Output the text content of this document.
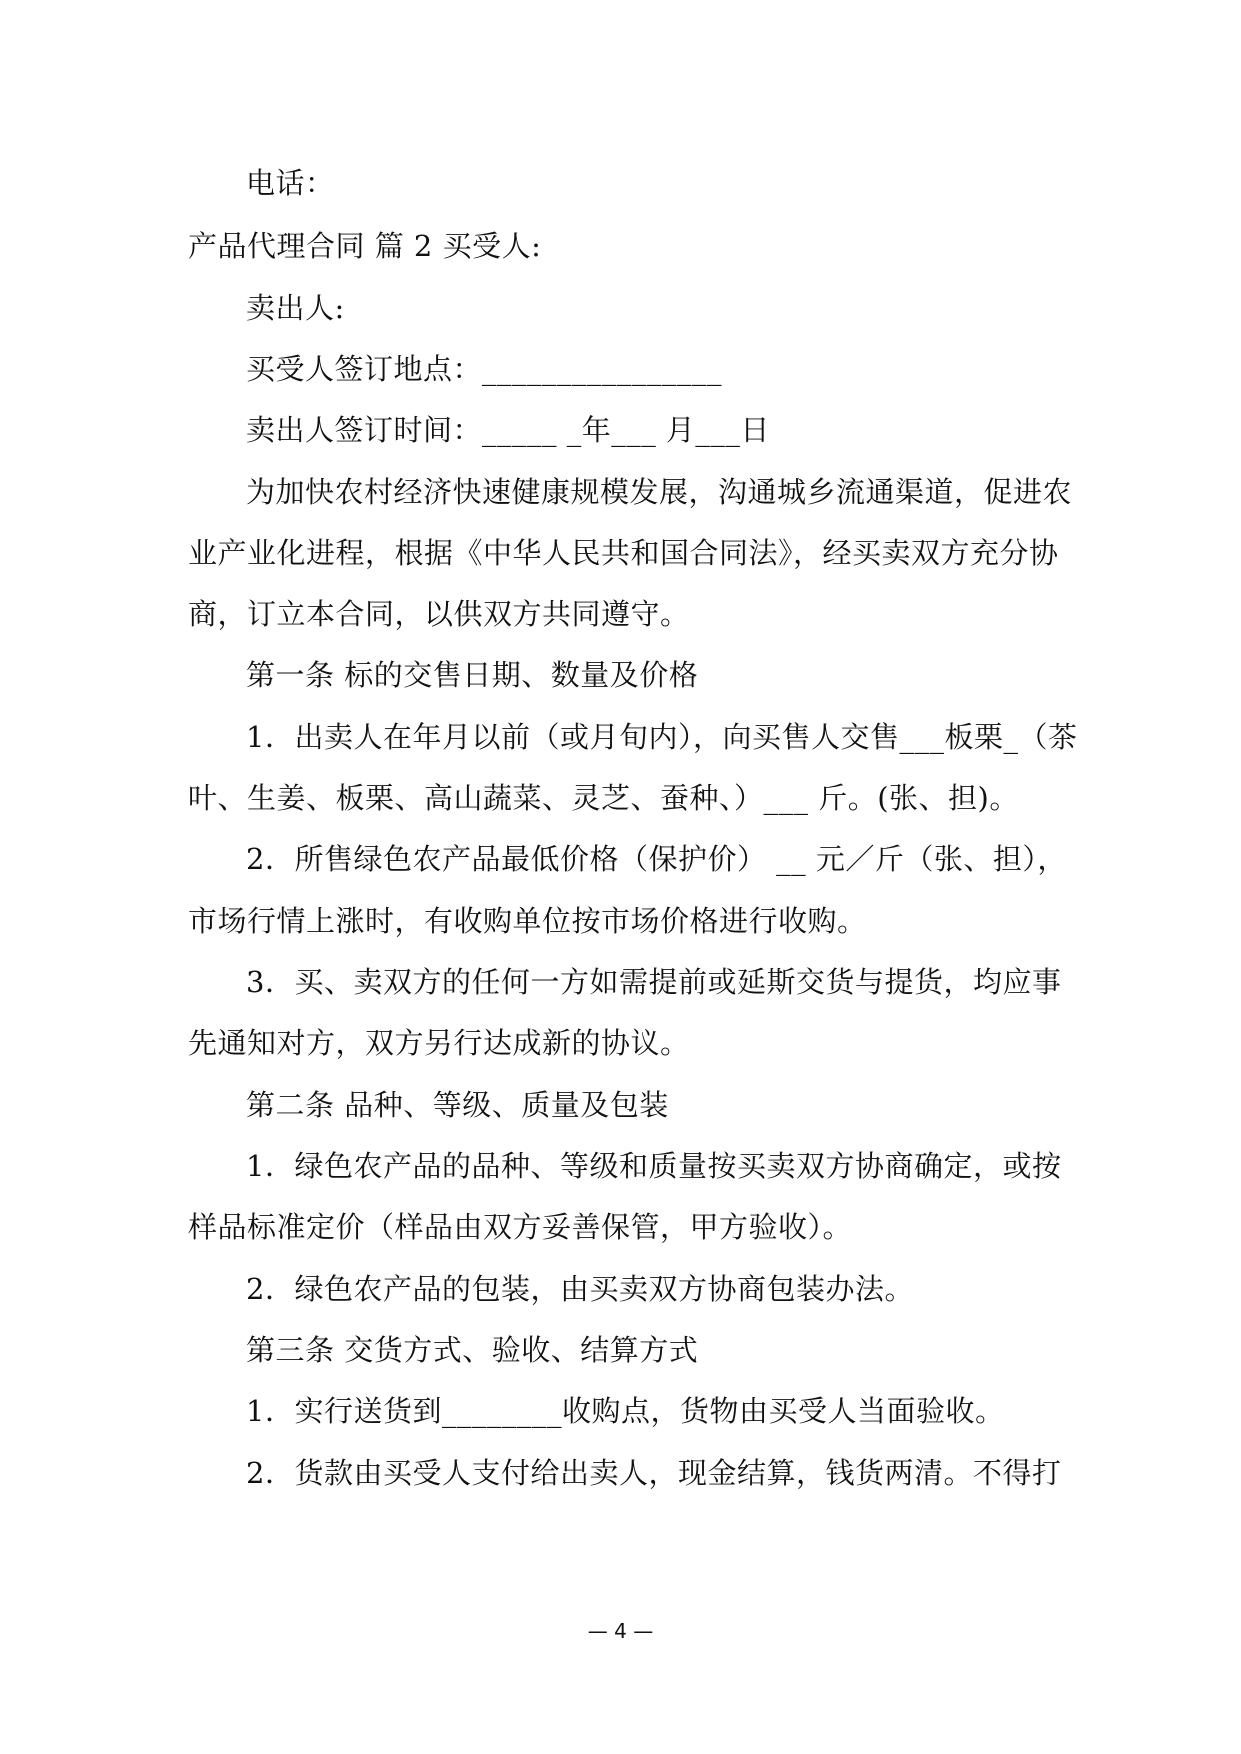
电话：
产品代理合同 篇 2 买受人:
卖出人:
买受人签订地点：________________
卖出人签订时间：_____ _年___ 月___日
为加快农村经济快速健康规模发展，沟通城乡流通渠道，促进农
业产业化进程，根据《中华人民共和国合同法》，经买卖双方充分协
商，订立本合同，以供双方共同遵守。
第一条 标的交售日期、数量及价格
1．出卖人在年月以前（或月旬内），向买售人交售___板栗_（茶
叶、生姜、板栗、高山蔬菜、灵芝、蚕种、）___ 斤。(张、担)。
2．所售绿色农产品最低价格（保护价） __ 元／斤（张、担），
市场行情上涨时，有收购单位按市场价格进行收购。
3．买、卖双方的任何一方如需提前或延斯交货与提货，均应事
先通知对方，双方另行达成新的协议。
第二条 品种、等级、质量及包装
1．绿色农产品的品种、等级和质量按买卖双方协商确定，或按
样品标准定价（样品由双方妥善保管，甲方验收）。
2．绿色农产品的包装，由买卖双方协商包装办法。
第三条 交货方式、验收、结算方式
1．实行送货到________收购点，货物由买受人当面验收。
2．货款由买受人支付给出卖人，现金结算，钱货两清。不得打
— 4 —
